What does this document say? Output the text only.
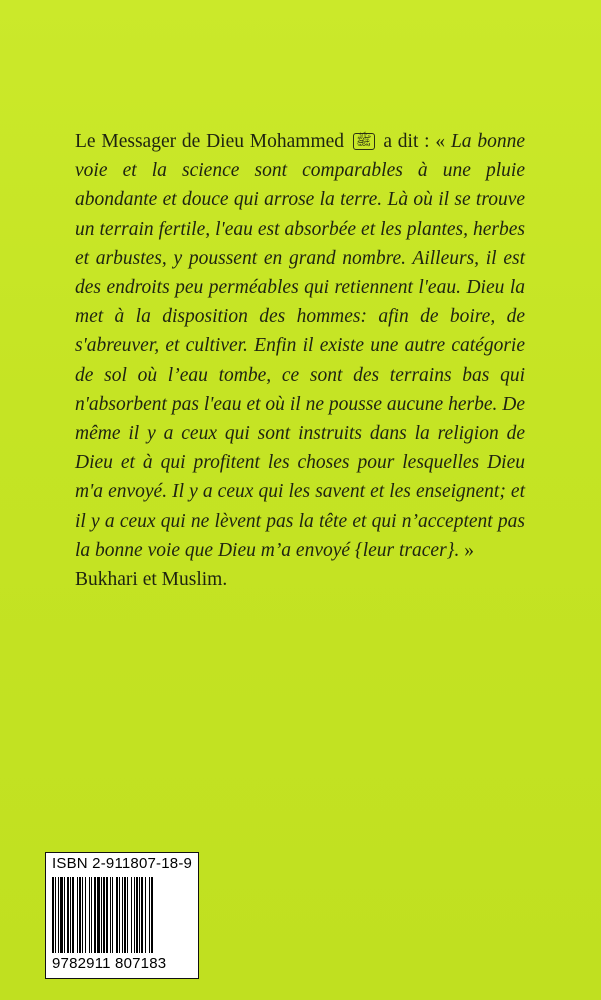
Le Messager de Dieu Mohammed ﷺ a dit : « La bonne voie et la science sont comparables à une pluie abondante et douce qui arrose la terre. Là où il se trouve un terrain fertile, l'eau est absorbée et les plantes, herbes et arbustes, y poussent en grand nombre. Ailleurs, il est des endroits peu perméables qui retiennent l'eau. Dieu la met à la disposition des hommes: afin de boire, de s'abreuver, et cultiver. Enfin il existe une autre catégorie de sol où l’eau tombe, ce sont des terrains bas qui n'absorbent pas l'eau et où il ne pousse aucune herbe. De même il y a ceux qui sont instruits dans la religion de Dieu et à qui profitent les choses pour lesquelles Dieu m'a envoyé. Il y a ceux qui les savent et les enseignent; et il y a ceux qui ne lèvent pas la tête et qui n’acceptent pas la bonne voie que Dieu m’a envoyé {leur tracer}. »
Bukhari et Muslim.
ISBN 2-911807-18-9
9782911 807183
